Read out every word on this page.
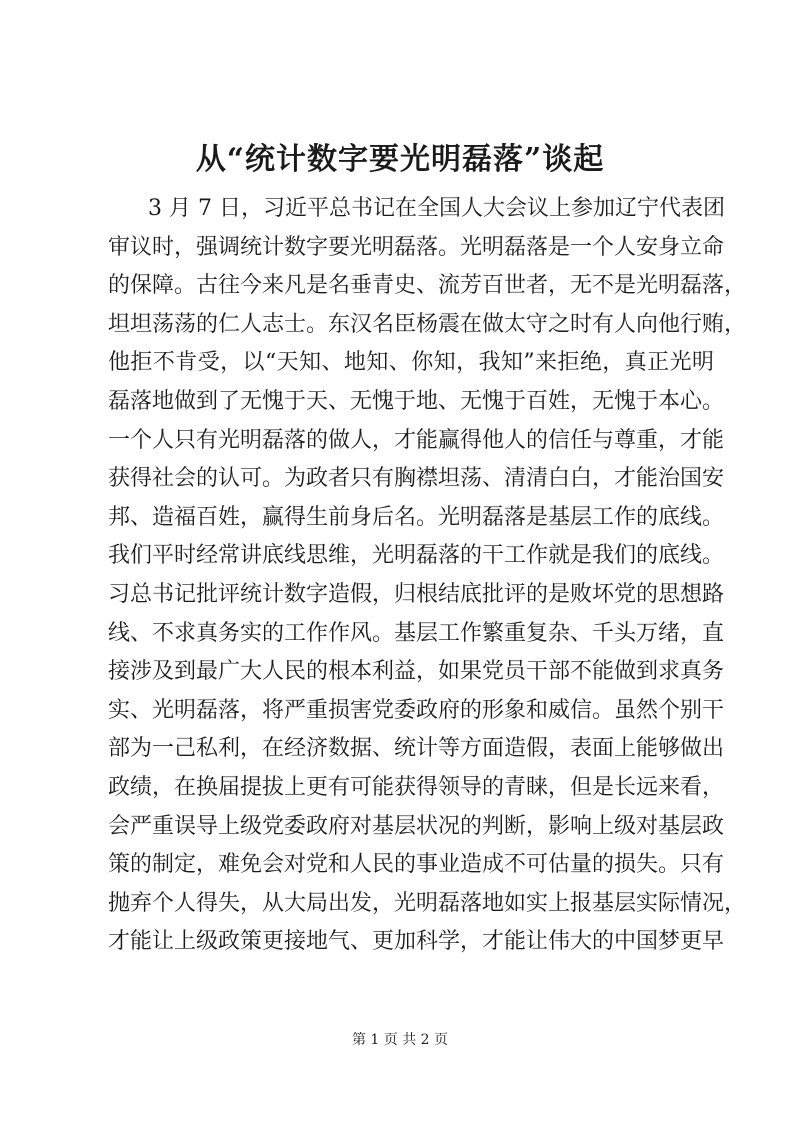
从“统计数字要光明磊落”谈起
3 月 7 日，习近平总书记在全国人大会议上参加辽宁代表团
审议时，强调统计数字要光明磊落。光明磊落是一个人安身立命
的保障。古往今来凡是名垂青史、流芳百世者，无不是光明磊落，
坦坦荡荡的仁人志士。东汉名臣杨震在做太守之时有人向他行贿，
他拒不肯受，以“天知、地知、你知，我知”来拒绝，真正光明
磊落地做到了无愧于天、无愧于地、无愧于百姓，无愧于本心。
一个人只有光明磊落的做人，才能赢得他人的信任与尊重，才能
获得社会的认可。为政者只有胸襟坦荡、清清白白，才能治国安
邦、造福百姓，赢得生前身后名。光明磊落是基层工作的底线。
我们平时经常讲底线思维，光明磊落的干工作就是我们的底线。
习总书记批评统计数字造假，归根结底批评的是败坏党的思想路
线、不求真务实的工作作风。基层工作繁重复杂、千头万绪，直
接涉及到最广大人民的根本利益，如果党员干部不能做到求真务
实、光明磊落，将严重损害党委政府的形象和威信。虽然个别干
部为一己私利，在经济数据、统计等方面造假，表面上能够做出
政绩，在换届提拔上更有可能获得领导的青睐，但是长远来看，
会严重误导上级党委政府对基层状况的判断，影响上级对基层政
策的制定，难免会对党和人民的事业造成不可估量的损失。只有
抛弃个人得失，从大局出发，光明磊落地如实上报基层实际情况，
才能让上级政策更接地气、更加科学，才能让伟大的中国梦更早
第 1 页 共 2 页
